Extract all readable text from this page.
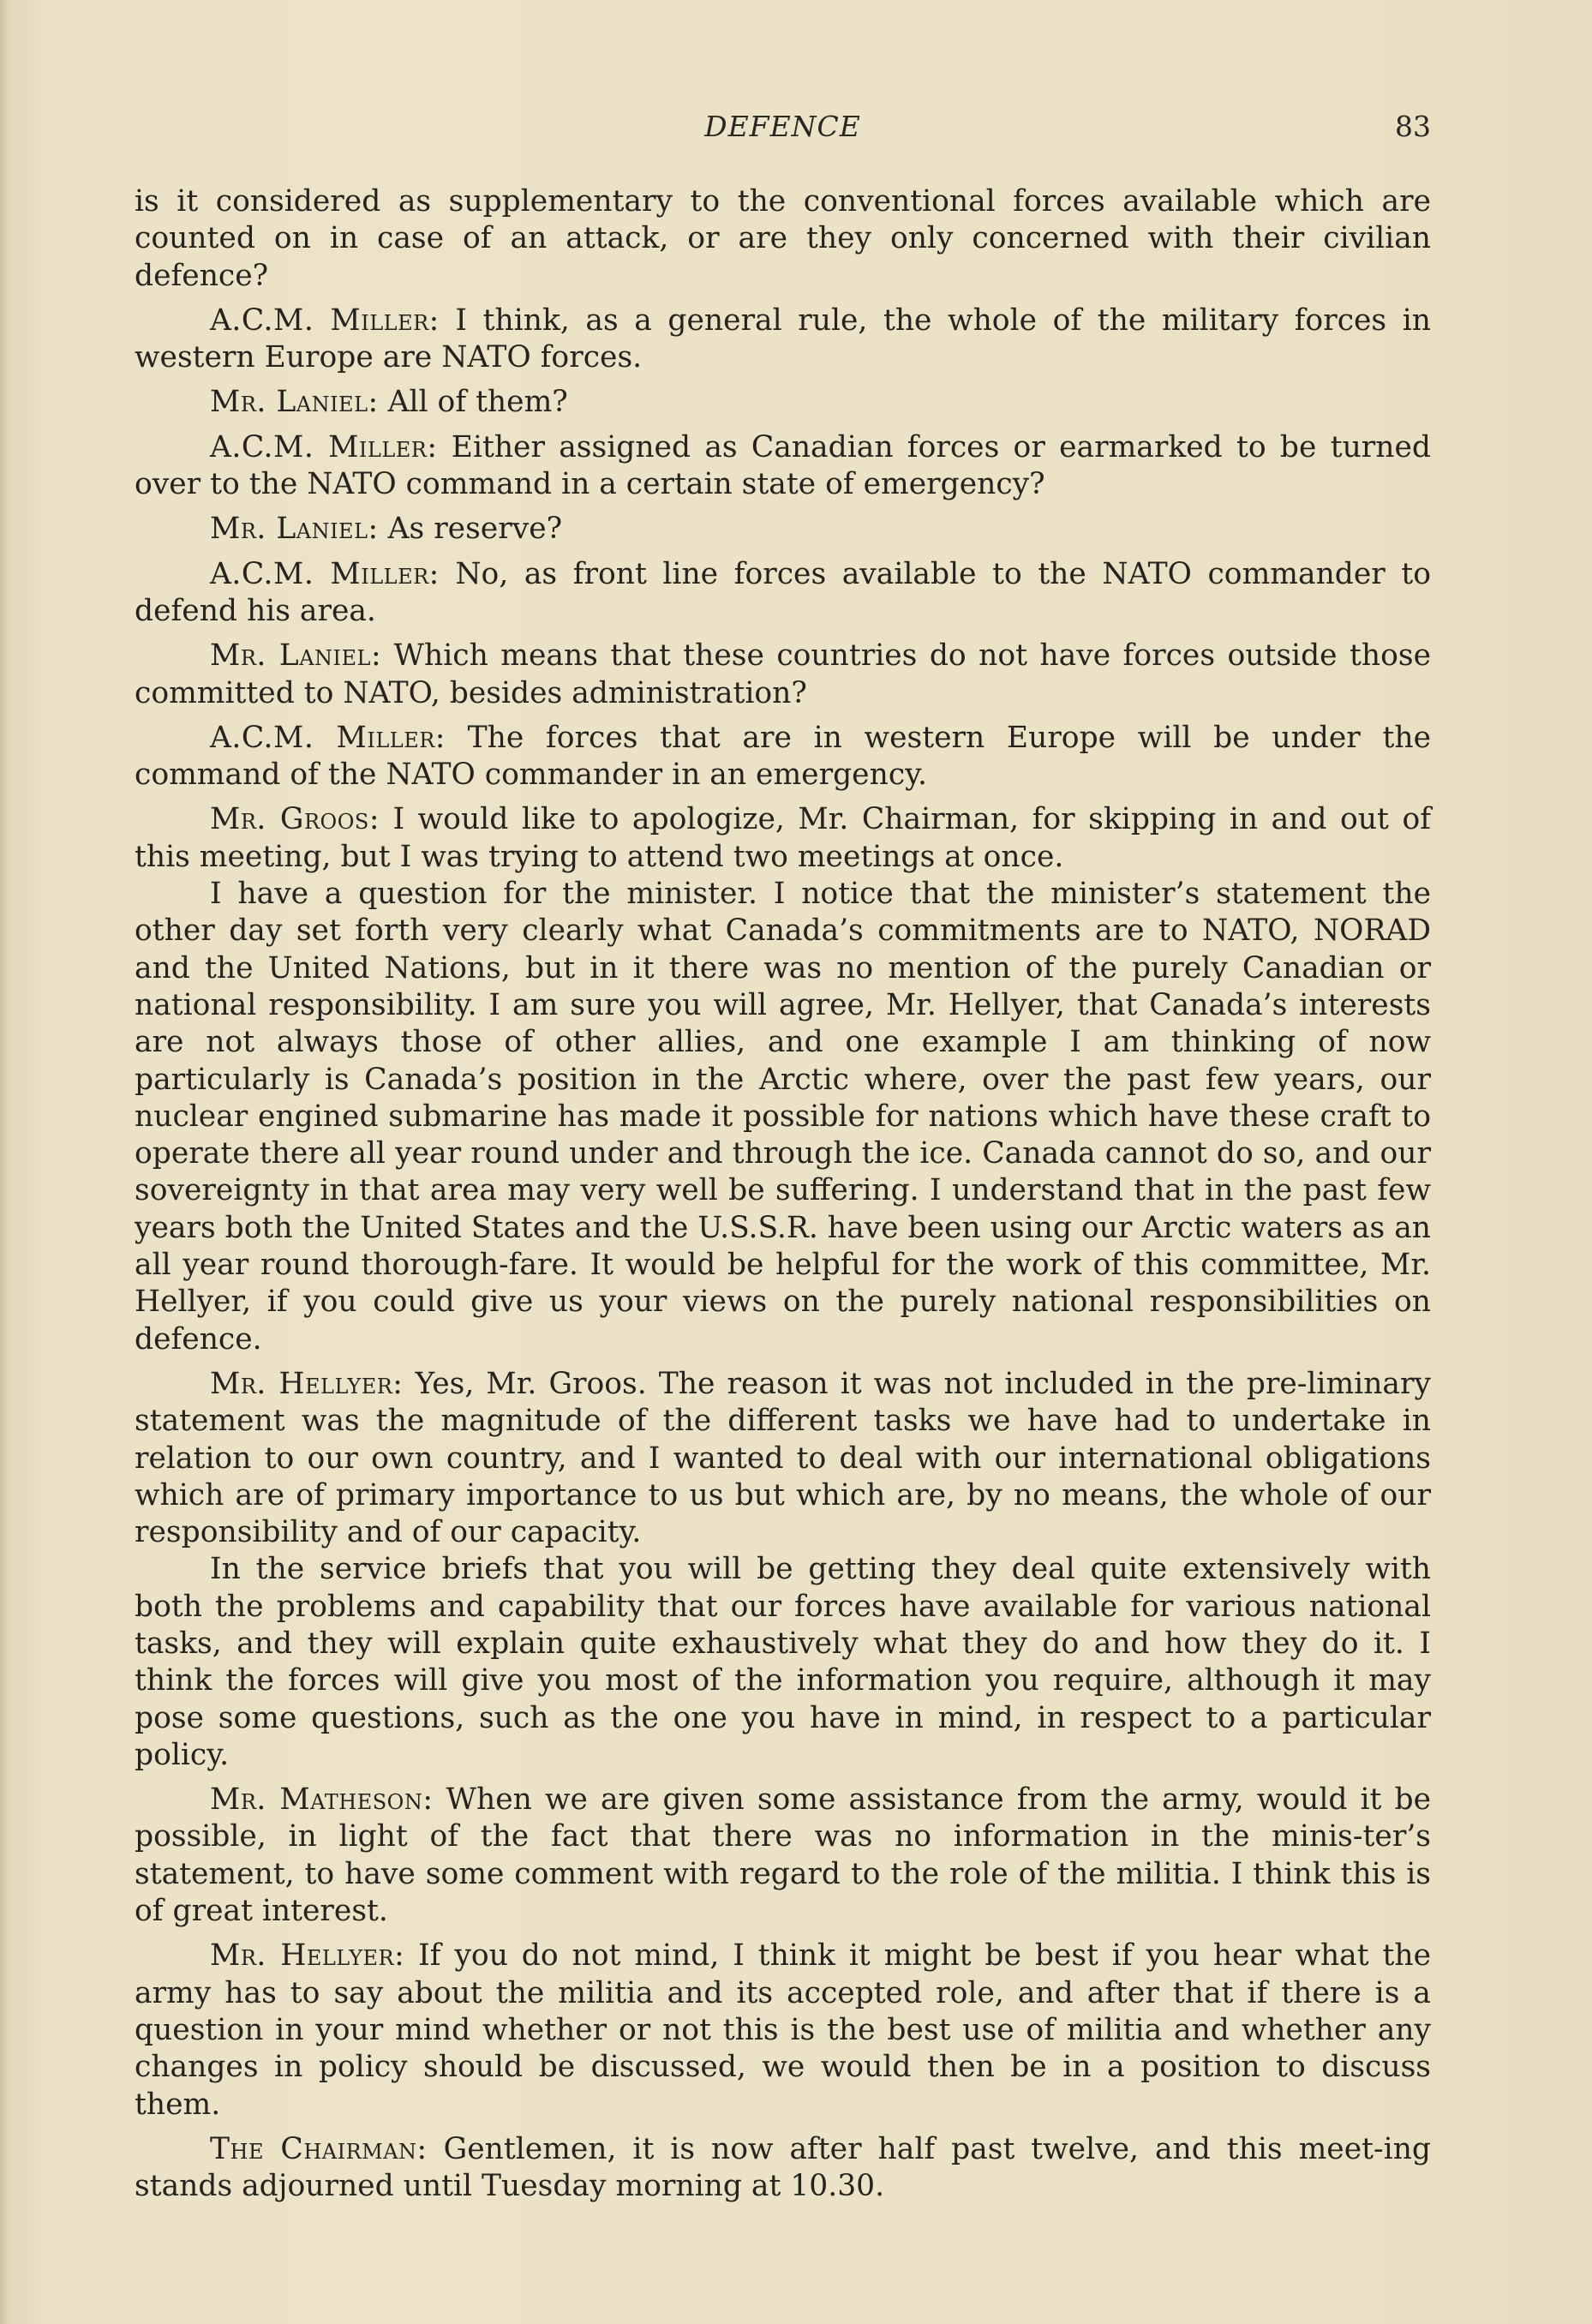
DEFENCE	83

is it considered as supplementary to the conventional forces available which are counted on in case of an attack, or are they only concerned with their civilian defence?

A.C.M. Miller: I think, as a general rule, the whole of the military forces in western Europe are NATO forces.

Mr. Laniel: All of them?

A.C.M. Miller: Either assigned as Canadian forces or earmarked to be turned over to the NATO command in a certain state of emergency?

Mr. Laniel: As reserve?

A.C.M. Miller: No, as front line forces available to the NATO commander to defend his area.

Mr. Laniel: Which means that these countries do not have forces outside those committed to NATO, besides administration?

A.C.M. Miller: The forces that are in western Europe will be under the command of the NATO commander in an emergency.

Mr. Groos: I would like to apologize, Mr. Chairman, for skipping in and out of this meeting, but I was trying to attend two meetings at once.

I have a question for the minister. I notice that the minister’s statement the other day set forth very clearly what Canada’s commitments are to NATO, NORAD and the United Nations, but in it there was no mention of the purely Canadian or national responsibility. I am sure you will agree, Mr. Hellyer, that Canada’s interests are not always those of other allies, and one example I am thinking of now particularly is Canada’s position in the Arctic where, over the past few years, our nuclear engined submarine has made it possible for nations which have these craft to operate there all year round under and through the ice. Canada cannot do so, and our sovereignty in that area may very well be suffering. I understand that in the past few years both the United States and the U.S.S.R. have been using our Arctic waters as an all year round thorough-fare. It would be helpful for the work of this committee, Mr. Hellyer, if you could give us your views on the purely national responsibilities on defence.

Mr. Hellyer: Yes, Mr. Groos. The reason it was not included in the pre-liminary statement was the magnitude of the different tasks we have had to undertake in relation to our own country, and I wanted to deal with our international obligations which are of primary importance to us but which are, by no means, the whole of our responsibility and of our capacity.

In the service briefs that you will be getting they deal quite extensively with both the problems and capability that our forces have available for various national tasks, and they will explain quite exhaustively what they do and how they do it. I think the forces will give you most of the information you require, although it may pose some questions, such as the one you have in mind, in respect to a particular policy.

Mr. Matheson: When we are given some assistance from the army, would it be possible, in light of the fact that there was no information in the minis-ter’s statement, to have some comment with regard to the role of the militia. I think this is of great interest.

Mr. Hellyer: If you do not mind, I think it might be best if you hear what the army has to say about the militia and its accepted role, and after that if there is a question in your mind whether or not this is the best use of militia and whether any changes in policy should be discussed, we would then be in a position to discuss them.

The Chairman: Gentlemen, it is now after half past twelve, and this meet-ing stands adjourned until Tuesday morning at 10.30.
